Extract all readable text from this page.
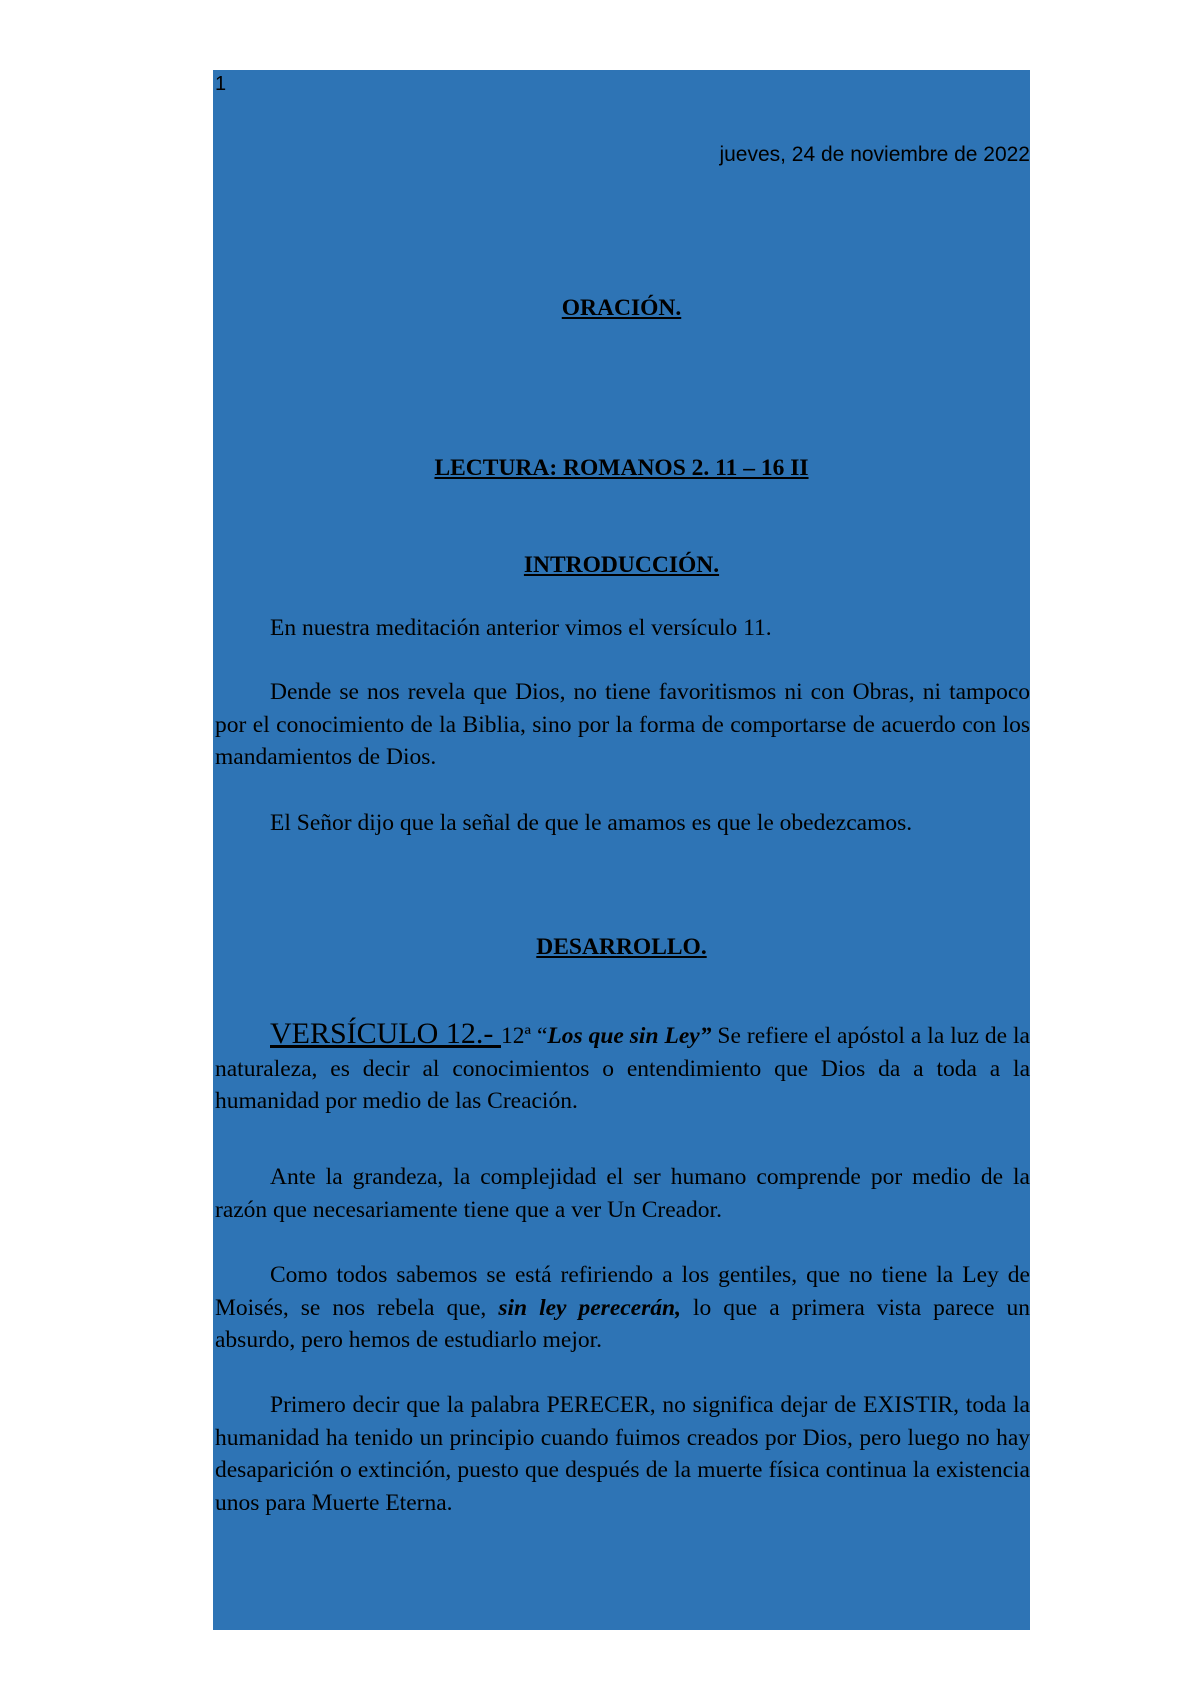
1
jueves, 24 de noviembre de 2022
ORACIÓN.
LECTURA: ROMANOS 2. 11 – 16 II
INTRODUCCIÓN.

En nuestra meditación anterior vimos el versículo 11.

Dende se nos revela que Dios, no tiene favoritismos ni con Obras, ni tampoco por el conocimiento de la Biblia, sino por la forma de comportarse de acuerdo con los mandamientos de Dios.

El Señor dijo que la señal de que le amamos es que le obedezcamos.

DESARROLLO.

VERSÍCULO 12.- 12ª “Los que sin Ley” Se refiere el apóstol a la luz de la naturaleza, es decir al conocimientos o entendimiento que Dios da a toda a la humanidad por medio de las Creación.

Ante la grandeza, la complejidad el ser humano comprende por medio de la razón que necesariamente tiene que a ver Un Creador.

Como todos sabemos se está refiriendo a los gentiles, que no tiene la Ley de Moisés, se nos rebela que, sin ley perecerán, lo que a primera vista parece un absurdo, pero hemos de estudiarlo mejor.

Primero decir que la palabra PERECER, no significa dejar de EXISTIR, toda la humanidad ha tenido un principio cuando fuimos creados por Dios, pero luego no hay desaparición o extinción, puesto que después de la muerte física continua la existencia unos para Muerte Eterna.
